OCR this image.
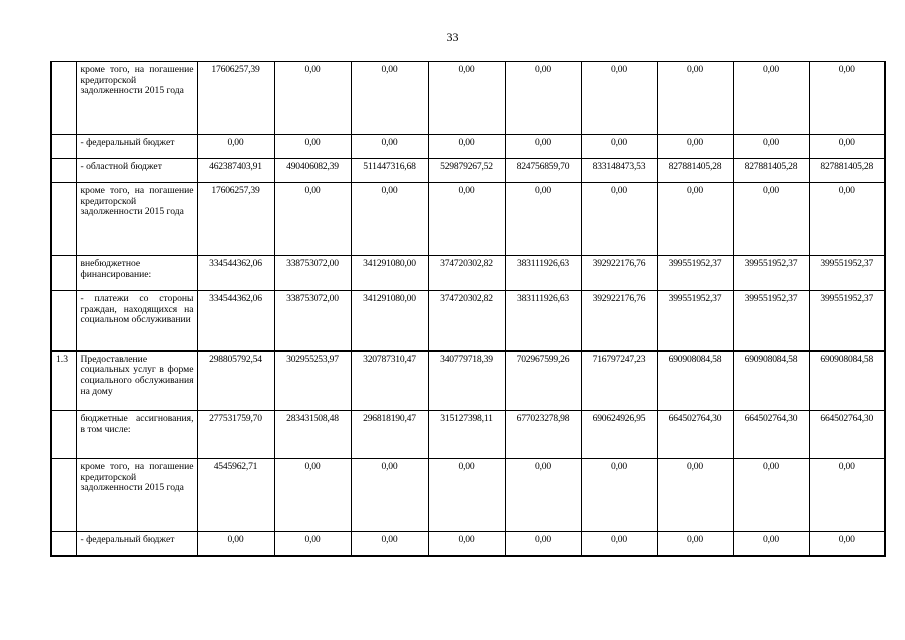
33
	кроме того, на погашение кредиторской задолженности 2015 года	17606257,39	0,00	0,00	0,00	0,00	0,00	0,00	0,00	0,00
	- федеральный бюджет	0,00	0,00	0,00	0,00	0,00	0,00	0,00	0,00	0,00
	- областной бюджет	462387403,91	490406082,39	511447316,68	529879267,52	824756859,70	833148473,53	827881405,28	827881405,28	827881405,28
	кроме того, на погашение кредиторской задолженности 2015 года	17606257,39	0,00	0,00	0,00	0,00	0,00	0,00	0,00	0,00
	внебюджетное финансирование:	334544362,06	338753072,00	341291080,00	374720302,82	383111926,63	392922176,76	399551952,37	399551952,37	399551952,37
	- платежи со стороны граждан, находящихся на социальном обслуживании	334544362,06	338753072,00	341291080,00	374720302,82	383111926,63	392922176,76	399551952,37	399551952,37	399551952,37
1.3	Предоставление социальных услуг в форме социального обслуживания на дому	298805792,54	302955253,97	320787310,47	340779718,39	702967599,26	716797247,23	690908084,58	690908084,58	690908084,58
	бюджетные ассигнования, в том числе:	277531759,70	283431508,48	296818190,47	315127398,11	677023278,98	690624926,95	664502764,30	664502764,30	664502764,30
	кроме того, на погашение кредиторской задолженности 2015 года	4545962,71	0,00	0,00	0,00	0,00	0,00	0,00	0,00	0,00
	- федеральный бюджет	0,00	0,00	0,00	0,00	0,00	0,00	0,00	0,00	0,00
